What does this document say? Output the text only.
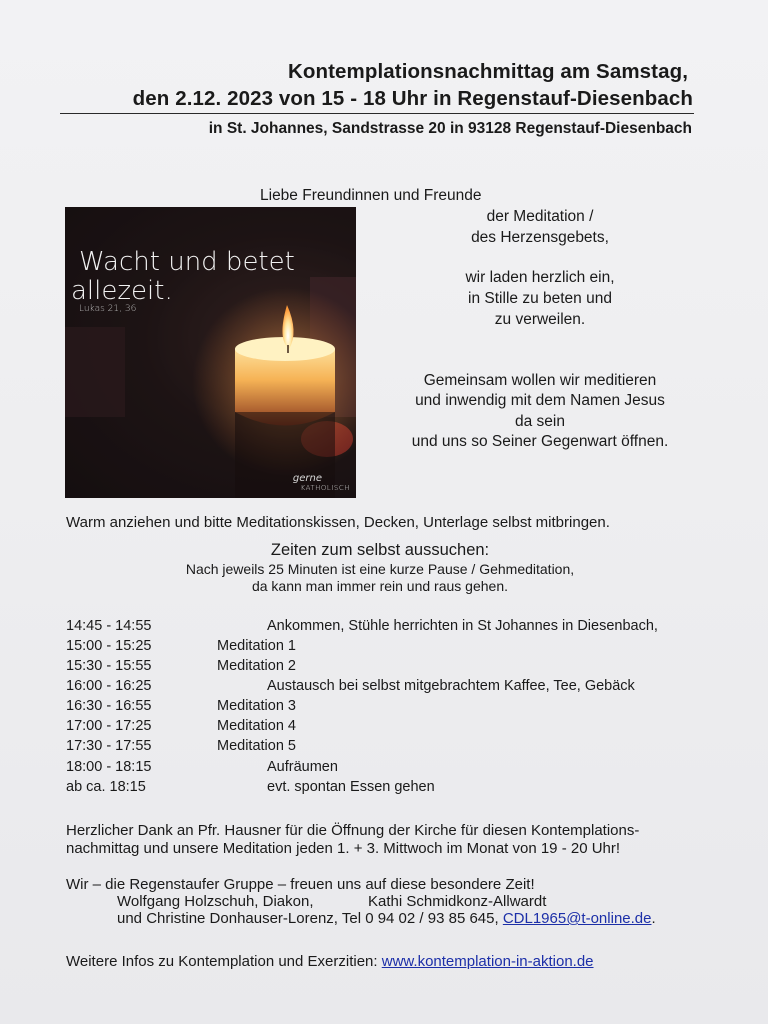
Kontemplationsnachmittag am Samstag,
den 2.12. 2023 von 15 - 18 Uhr in Regenstauf-Diesenbach
in St. Johannes, Sandstrasse 20 in 93128 Regenstauf-Diesenbach
Wacht und betet
allezeit.
Lukas 21, 36
gerne
KATHOLISCH
Liebe Freundinnen und Freunde
der Meditation /
des Herzensgebets,
wir laden herzlich ein,
in Stille zu beten und
zu verweilen.
Gemeinsam wollen wir meditieren
und inwendig mit dem Namen Jesus
da sein
und uns so Seiner Gegenwart öffnen.
Warm anziehen und bitte Meditationskissen, Decken, Unterlage selbst mitbringen.
Zeiten zum selbst aussuchen:
Nach jeweils 25 Minuten ist eine kurze Pause / Gehmeditation,
da kann man immer rein und raus gehen.
14:45 - 14:55	Ankommen, Stühle herrichten in St Johannes in Diesenbach,
15:00 - 15:25	Meditation 1
15:30 - 15:55	Meditation 2
16:00 - 16:25	Austausch bei selbst mitgebrachtem Kaffee, Tee, Gebäck
16:30 - 16:55	Meditation 3
17:00 - 17:25	Meditation 4
17:30 - 17:55	Meditation 5
18:00 - 18:15	Aufräumen
ab ca. 18:15	evt. spontan Essen gehen
Herzlicher Dank an Pfr. Hausner für die Öffnung der Kirche für diesen Kontemplations-
nachmittag und unsere Meditation jeden 1. + 3. Mittwoch im Monat von 19 - 20 Uhr!
Wir – die Regenstaufer Gruppe – freuen uns auf diese besondere Zeit!
Wolfgang Holzschuh, Diakon,	Kathi Schmidkonz-Allwardt
und Christine Donhauser-Lorenz, Tel 0 94 02 / 93 85 645, CDL1965@t-online.de.
Weitere Infos zu Kontemplation und Exerzitien: www.kontemplation-in-aktion.de
